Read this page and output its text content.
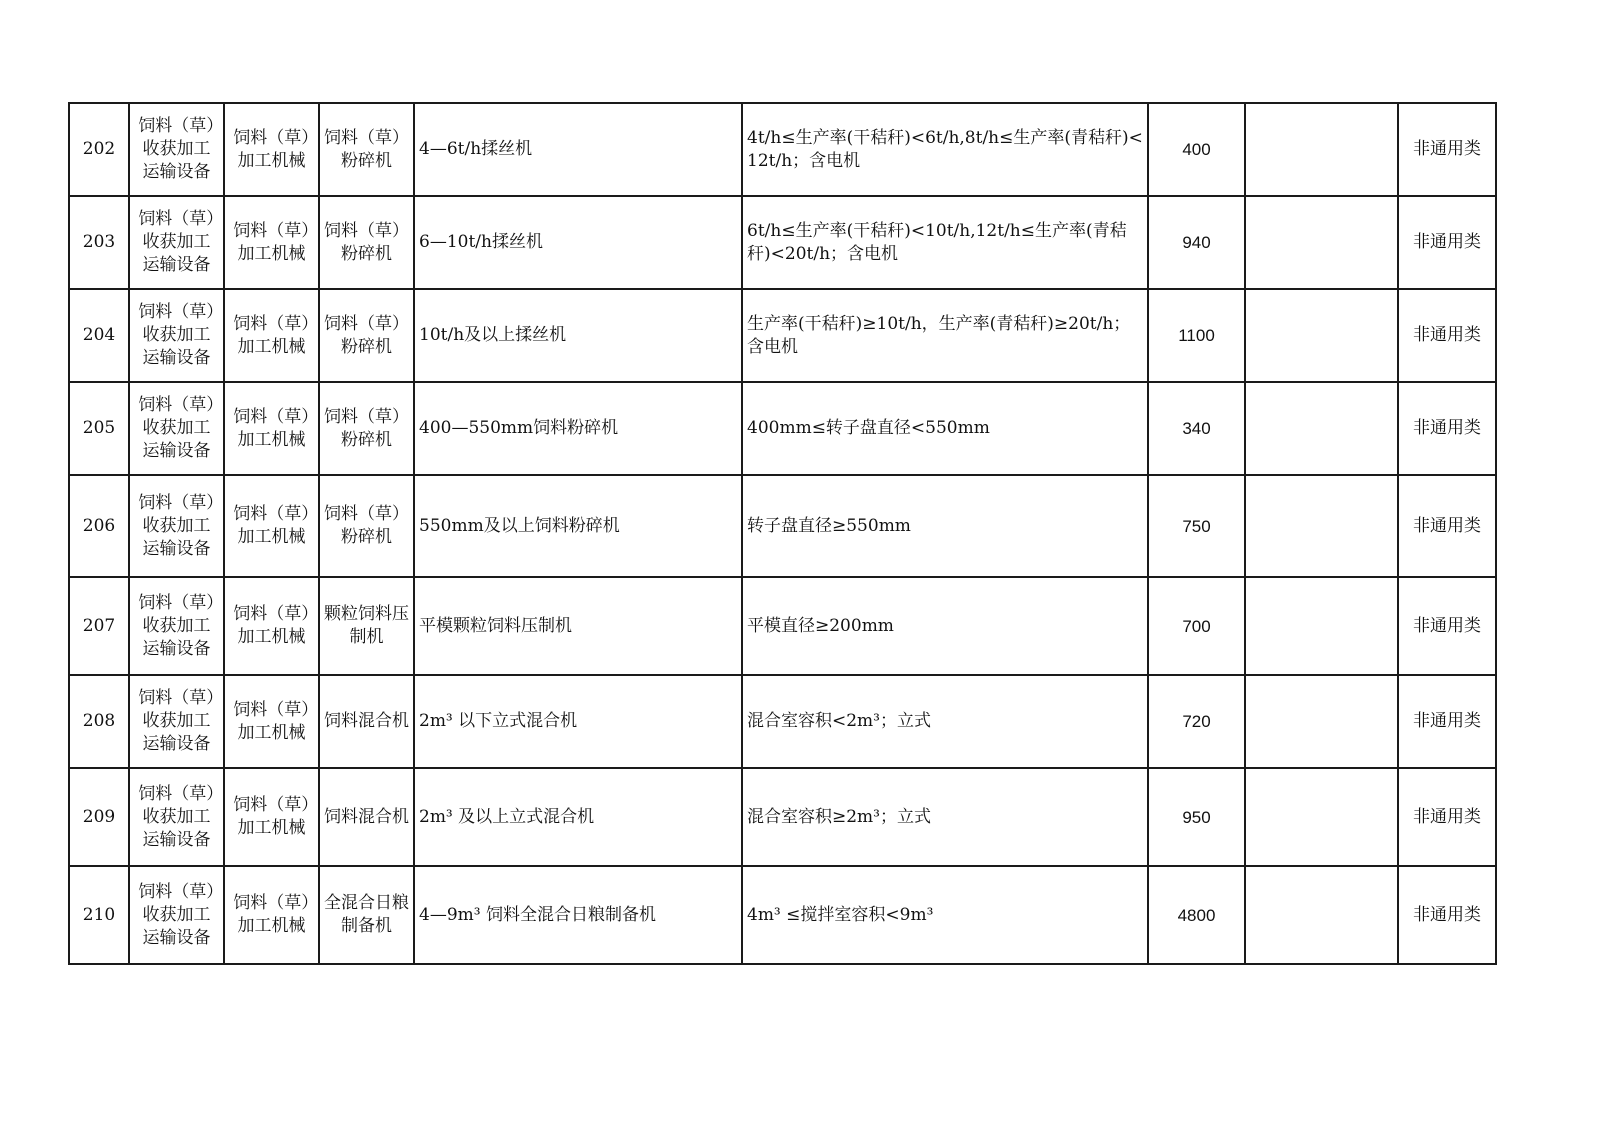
202	饲料（草）收获加工运输设备	饲料（草）加工机械	饲料（草）粉碎机	4—6t/h揉丝机	4t/h≤生产率(干秸秆)<6t/h,8t/h≤生产率(青秸秆)<12t/h；含电机	400		非通用类
203	饲料（草）收获加工运输设备	饲料（草）加工机械	饲料（草）粉碎机	6—10t/h揉丝机	6t/h≤生产率(干秸秆)<10t/h,12t/h≤生产率(青秸秆)<20t/h；含电机	940		非通用类
204	饲料（草）收获加工运输设备	饲料（草）加工机械	饲料（草）粉碎机	10t/h及以上揉丝机	生产率(干秸秆)≥10t/h，生产率(青秸秆)≥20t/h；含电机	1100		非通用类
205	饲料（草）收获加工运输设备	饲料（草）加工机械	饲料（草）粉碎机	400—550mm饲料粉碎机	400mm≤转子盘直径<550mm	340		非通用类
206	饲料（草）收获加工运输设备	饲料（草）加工机械	饲料（草）粉碎机	550mm及以上饲料粉碎机	转子盘直径≥550mm	750		非通用类
207	饲料（草）收获加工运输设备	饲料（草）加工机械	颗粒饲料压制机	平模颗粒饲料压制机	平模直径≥200mm	700		非通用类
208	饲料（草）收获加工运输设备	饲料（草）加工机械	饲料混合机	2m³ 以下立式混合机	混合室容积<2m³；立式	720		非通用类
209	饲料（草）收获加工运输设备	饲料（草）加工机械	饲料混合机	2m³ 及以上立式混合机	混合室容积≥2m³；立式	950		非通用类
210	饲料（草）收获加工运输设备	饲料（草）加工机械	全混合日粮制备机	4—9m³ 饲料全混合日粮制备机	4m³ ≤搅拌室容积<9m³	4800		非通用类
